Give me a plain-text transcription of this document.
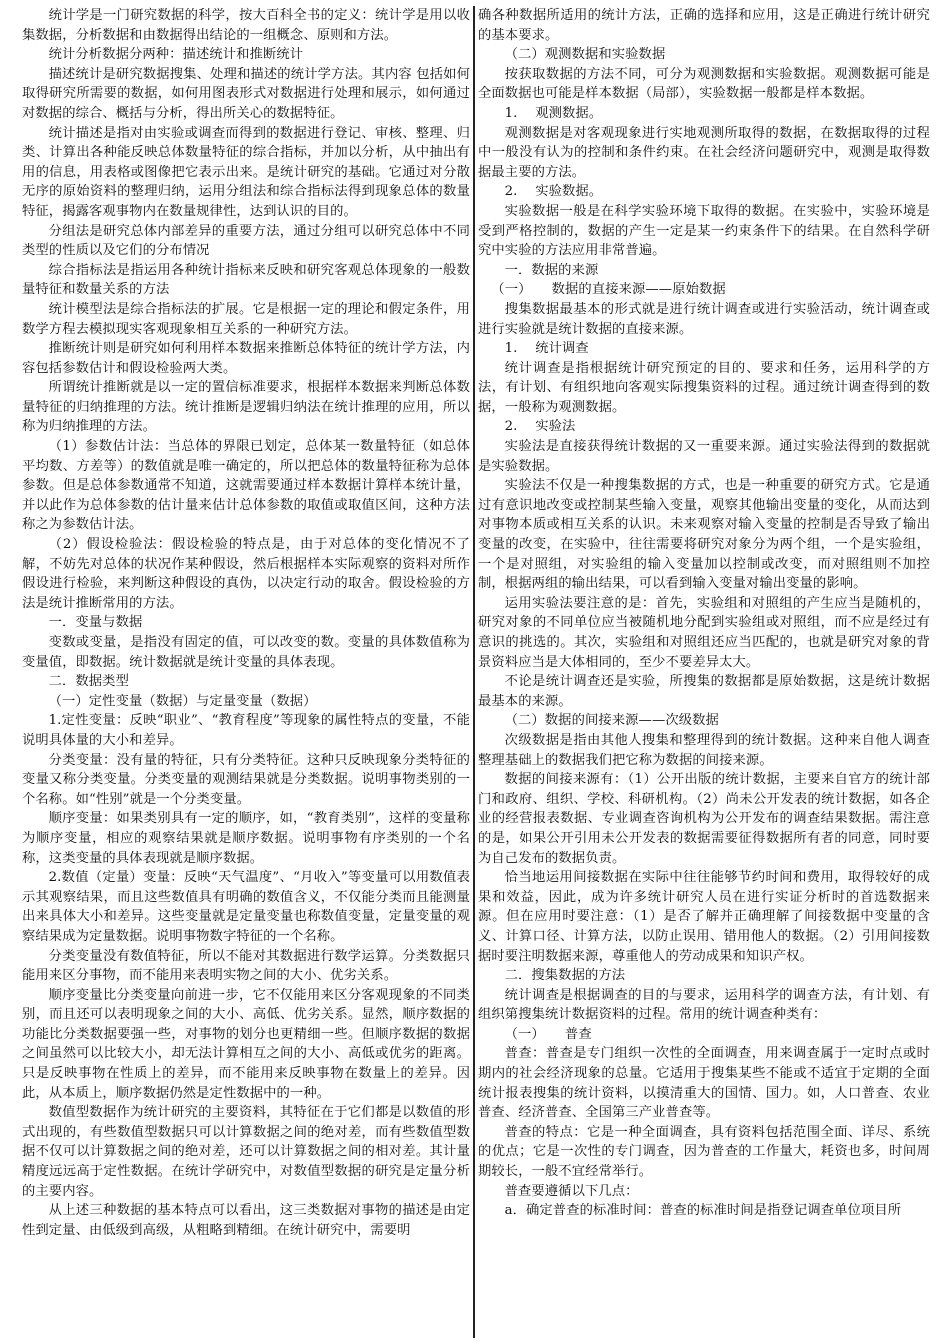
统计学是一门研究数据的科学，按大百科全书的定义：统计学是用以收集数据，分析数据和由数据得出结论的一组概念、原则和方法。

统计分析数据分两种：描述统计和推断统计

描述统计是研究数据搜集、处理和描述的统计学方法。其内容 包括如何取得研究所需要的数据，如何用图表形式对数据进行处理和展示，如何通过对数据的综合、概括与分析，得出所关心的数据特征。

统计描述是指对由实验或调查而得到的数据进行登记、审核、整理、归类、计算出各种能反映总体数量特征的综合指标，并加以分析，从中抽出有用的信息，用表格或图像把它表示出来。是统计研究的基础。它通过对分散无序的原始资料的整理归纳，运用分组法和综合指标法得到现象总体的数量特征，揭露客观事物内在数量规律性，达到认识的目的。

分组法是研究总体内部差异的重要方法，通过分组可以研究总体中不同类型的性质以及它们的分布情况

综合指标法是指运用各种统计指标来反映和研究客观总体现象的一般数量特征和数量关系的方法

统计模型法是综合指标法的扩展。它是根据一定的理论和假定条件，用数学方程去模拟现实客观现象相互关系的一种研究方法。

推断统计则是研究如何利用样本数据来推断总体特征的统计学方法，内容包括参数估计和假设检验两大类。

所谓统计推断就是以一定的置信标准要求，根据样本数据来判断总体数量特征的归纳推理的方法。统计推断是逻辑归纳法在统计推理的应用，所以称为归纳推理的方法。

（1）参数估计法：当总体的界限已划定，总体某一数量特征（如总体平均数、方差等）的数值就是唯一确定的，所以把总体的数量特征称为总体参数。但是总体参数通常不知道，这就需要通过样本数据计算样本统计量，并以此作为总体参数的估计量来估计总体参数的取值或取值区间，这种方法称之为参数估计法。

（2）假设检验法：假设检验的特点是，由于对总体的变化情况不了解，不妨先对总体的状况作某种假设，然后根据样本实际观察的资料对所作假设进行检验，来判断这种假设的真伪，以决定行动的取舍。假设检验的方法是统计推断常用的方法。

一．变量与数据

变数或变量，是指没有固定的值，可以改变的数。变量的具体数值称为变量值，即数据。统计数据就是统计变量的具体表现。

二．数据类型

（一）定性变量（数据）与定量变量（数据）

1.定性变量：反映“职业”、“教育程度”等现象的属性特点的变量，不能说明具体量的大小和差异。

分类变量：没有量的特征，只有分类特征。这种只反映现象分类特征的变量又称分类变量。分类变量的观测结果就是分类数据。说明事物类别的一个名称。如“性别”就是一个分类变量。

顺序变量：如果类别具有一定的顺序，如，“教育类别”，这样的变量称为顺序变量，相应的观察结果就是顺序数据。说明事物有序类别的一个名称，这类变量的具体表现就是顺序数据。

2.数值（定量）变量：反映“天气温度”、“月收入”等变量可以用数值表示其观察结果，而且这些数值具有明确的数值含义，不仅能分类而且能测量出来具体大小和差异。这些变量就是定量变量也称数值变量，定量变量的观察结果成为定量数据。说明事物数字特征的一个名称。

分类变量没有数值特征，所以不能对其数据进行数学运算。分类数据只能用来区分事物，而不能用来表明实物之间的大小、优劣关系。

顺序变量比分类变量向前进一步，它不仅能用来区分客观现象的不同类别，而且还可以表明现象之间的大小、高低、优劣关系。显然，顺序数据的功能比分类数据要强一些，对事物的划分也更精细一些。但顺序数据的数据之间虽然可以比较大小，却无法计算相互之间的大小、高低或优劣的距离。只是反映事物在性质上的差异，而不能用来反映事物在数量上的差异。因此，从本质上，顺序数据仍然是定性数据中的一种。

数值型数据作为统计研究的主要资料，其特征在于它们都是以数值的形式出现的，有些数值型数据只可以计算数据之间的绝对差，而有些数值型数据不仅可以计算数据之间的绝对差，还可以计算数据之间的相对差。其计量精度远远高于定性数据。在统计学研究中，对数值型数据的研究是定量分析的主要内容。

从上述三种数据的基本特点可以看出，这三类数据对事物的描述是由定性到定量、由低级到高级，从粗略到精细。在统计研究中，需要明

确各种数据所适用的统计方法，正确的选择和应用，这是正确进行统计研究的基本要求。

（二）观测数据和实验数据

按获取数据的方法不同，可分为观测数据和实验数据。观测数据可能是全面数据也可能是样本数据（局部），实验数据一般都是样本数据。

1.　 观测数据。

观测数据是对客观现象进行实地观测所取得的数据，在数据取得的过程中一般没有认为的控制和条件约束。在社会经济问题研究中，观测是取得数据最主要的方法。

2.　 实验数据。

实验数据一般是在科学实验环境下取得的数据。在实验中，实验环境是受到严格控制的，数据的产生一定是某一约束条件下的结果。在自然科学研究中实验的方法应用非常普遍。

一．数据的来源

（一）　　数据的直接来源——原始数据

搜集数据最基本的形式就是进行统计调查或进行实验活动，统计调查或进行实验就是统计数据的直接来源。

1.　 统计调查

统计调查是指根据统计研究预定的目的、要求和任务，运用科学的方法，有计划、有组织地向客观实际搜集资料的过程。通过统计调查得到的数据，一般称为观测数据。

2.　 实验法

实验法是直接获得统计数据的又一重要来源。通过实验法得到的数据就是实验数据。

实验法不仅是一种搜集数据的方式，也是一种重要的研究方式。它是通过有意识地改变或控制某些输入变量，观察其他输出变量的变化，从而达到对事物本质或相互关系的认识。未来观察对输入变量的控制是否导致了输出变量的改变，在实验中，往往需要将研究对象分为两个组，一个是实验组，一个是对照组，对实验组的输入变量加以控制或改变，而对照组则不加控制，根据两组的输出结果，可以看到输入变量对输出变量的影响。

运用实验法要注意的是：首先，实验组和对照组的产生应当是随机的，研究对象的不同单位应当被随机地分配到实验组或对照组，而不应是经过有意识的挑选的。其次，实验组和对照组还应当匹配的，也就是研究对象的背景资料应当是大体相同的，至少不要差异太大。

不论是统计调查还是实验，所搜集的数据都是原始数据，这是统计数据最基本的来源。

（二）数据的间接来源——次级数据

次级数据是指由其他人搜集和整理得到的统计数据。这种来自他人调查整理基础上的数据我们把它称为数据的间接来源。

数据的间接来源有：（1）公开出版的统计数据，主要来自官方的统计部门和政府、组织、学校、科研机构。（2）尚未公开发表的统计数据，如各企业的经营报表数据、专业调查咨询机构为公开发布的调查结果数据。需注意的是，如果公开引用未公开发表的数据需要征得数据所有者的同意，同时要为自己发布的数据负责。

恰当地运用间接数据在实际中往往能够节约时间和费用，取得较好的成果和效益，因此，成为许多统计研究人员在进行实证分析时的首选数据来源。但在应用时要注意：（1）是否了解并正确理解了间接数据中变量的含义、计算口径、计算方法，以防止误用、错用他人的数据。（2）引用间接数据时要注明数据来源，尊重他人的劳动成果和知识产权。

二．搜集数据的方法

统计调查是根据调查的目的与要求，运用科学的调查方法，有计划、有组织第搜集统计数据资料的过程。常用的统计调查种类有：

（一）　　普查

普查：普查是专门组织一次性的全面调查，用来调查属于一定时点或时期内的社会经济现象的总量。它适用于搜集某些不能或不适宜于定期的全面统计报表搜集的统计资料，以摸清重大的国情、国力。如，人口普查、农业普查、经济普查、全国第三产业普查等。

普查的特点：它是一种全面调查，具有资料包括范围全面、详尽、系统的优点；它是一次性的专门调查，因为普查的工作量大，耗资也多，时间周期较长，一般不宜经常举行。

普查要遵循以下几点：

a．确定普查的标准时间：普查的标准时间是指登记调查单位项目所
